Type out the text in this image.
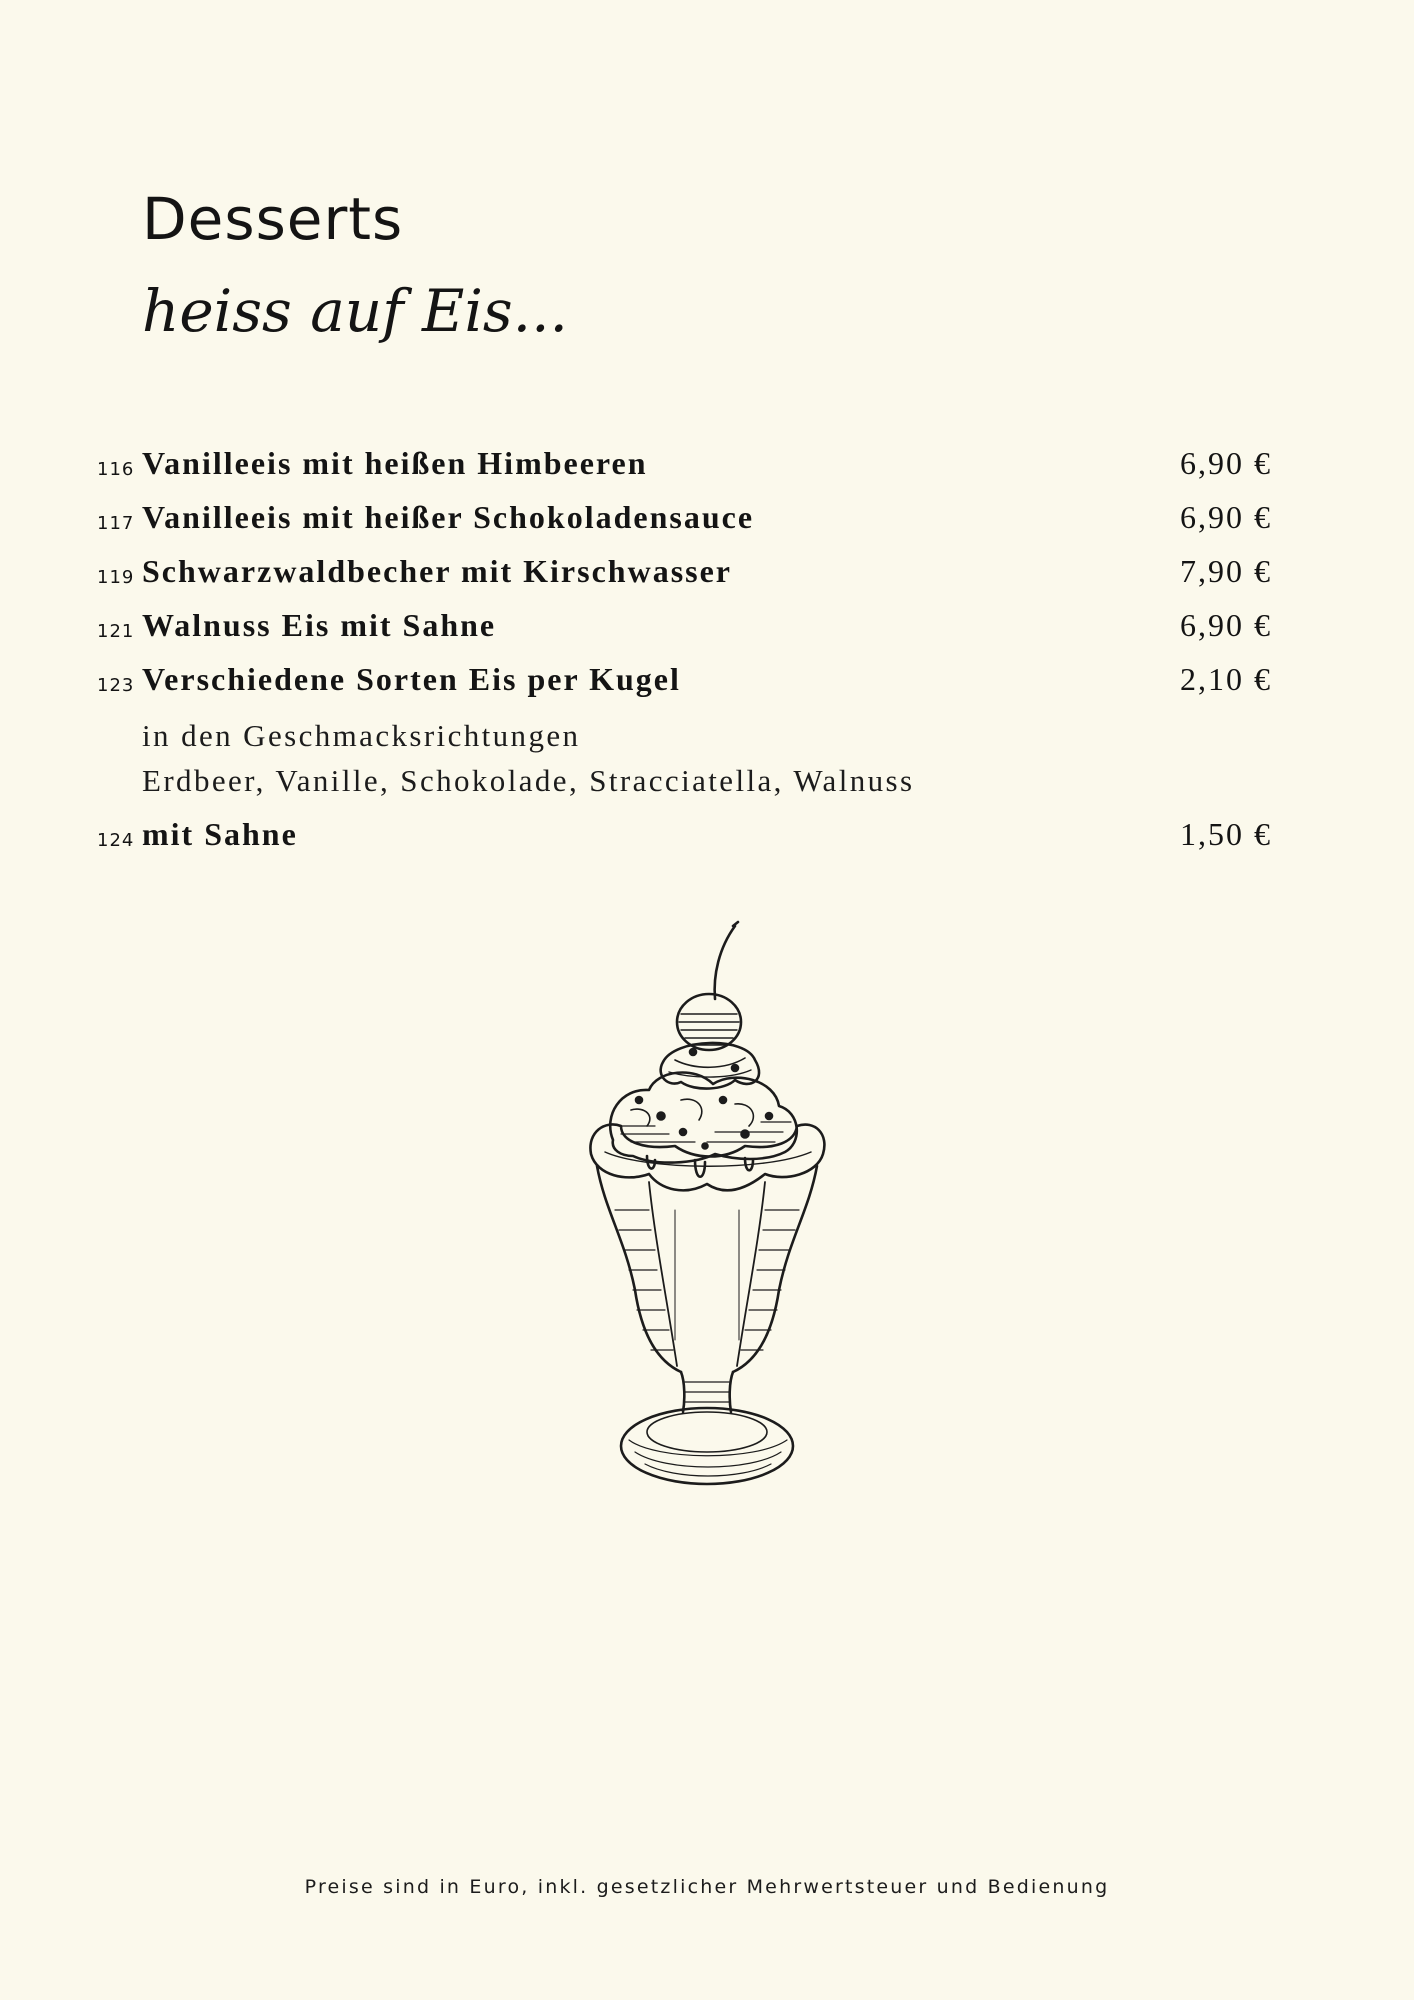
Desserts
heiss auf Eis...
116 Vanilleeis mit heißen Himbeeren	6,90 €
117 Vanilleeis mit heißer Schokoladensauce	6,90 €
119 Schwarzwaldbecher mit Kirschwasser	7,90 €
121 Walnuss Eis mit Sahne	6,90 €
123 Verschiedene Sorten Eis per Kugel	2,10 €
in den Geschmacksrichtungen
Erdbeer, Vanille, Schokolade, Stracciatella, Walnuss
124 mit Sahne	1,50 €
Preise sind in Euro, inkl. gesetzlicher Mehrwertsteuer und Bedienung
